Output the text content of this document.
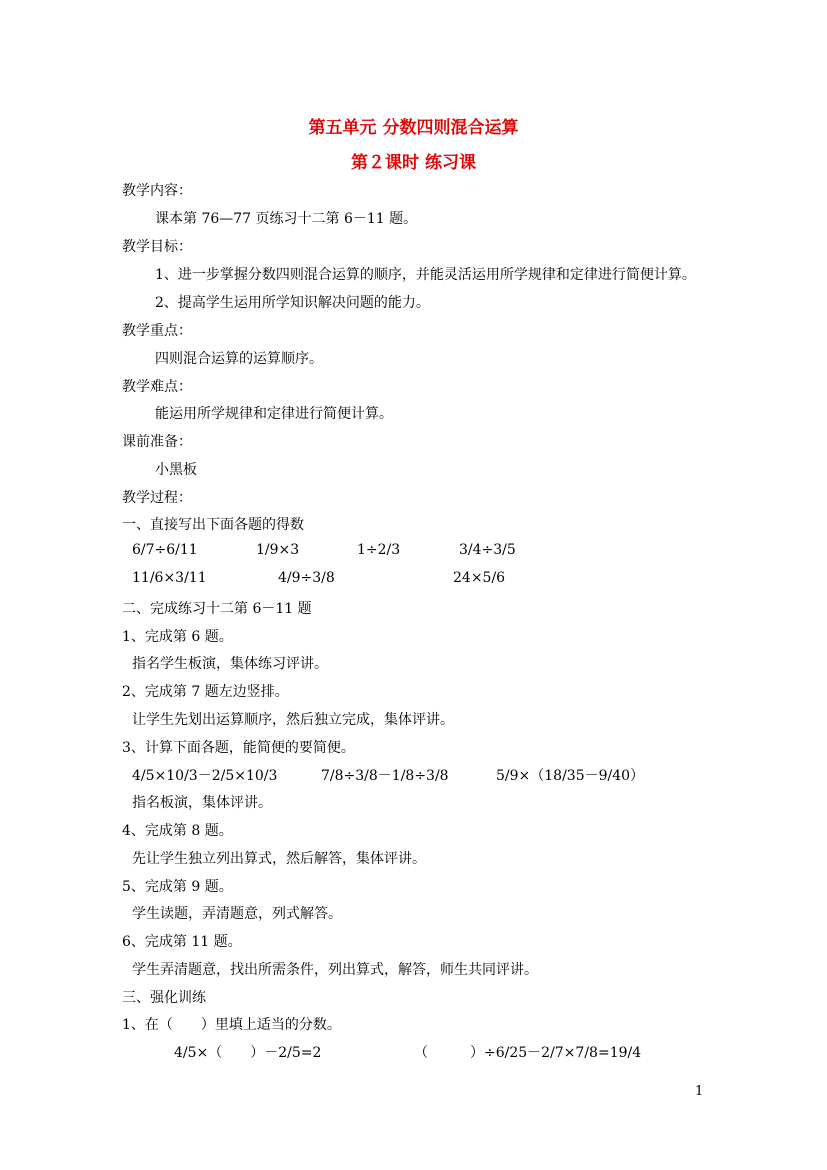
第五单元 分数四则混合运算
第２课时 练习课
教学内容：
课本第 76—77 页练习十二第 6－11 题。
教学目标：
1、进一步掌握分数四则混合运算的顺序，并能灵活运用所学规律和定律进行简便计算。
2、提高学生运用所学知识解决问题的能力。
教学重点：
四则混合运算的运算顺序。
教学难点：
能运用所学规律和定律进行简便计算。
课前准备：
小黑板
教学过程：
一、直接写出下面各题的得数
6/7÷6/11	1/9×3	1÷2/3	3/4÷3/5
11/6×3/11	4/9÷3/8	24×5/6
二、完成练习十二第 6－11 题
1、完成第 6 题。
指名学生板演，集体练习评讲。
2、完成第 7 题左边竖排。
让学生先划出运算顺序，然后独立完成，集体评讲。
3、计算下面各题，能简便的要简便。
4/5×10/3－2/5×10/3	7/8÷3/8－1/8÷3/8	5/9×（18/35－9/40）
指名板演，集体评讲。
4、完成第 8 题。
先让学生独立列出算式，然后解答，集体评讲。
5、完成第 9 题。
学生读题，弄清题意，列式解答。
6、完成第 11 题。
学生弄清题意，找出所需条件，列出算式，解答，师生共同评讲。
三、强化训练
1、在（　　）里填上适当的分数。
4/5×（　　）－2/5=2	（　　　）÷6/25－2/7×7/8=19/4
1
